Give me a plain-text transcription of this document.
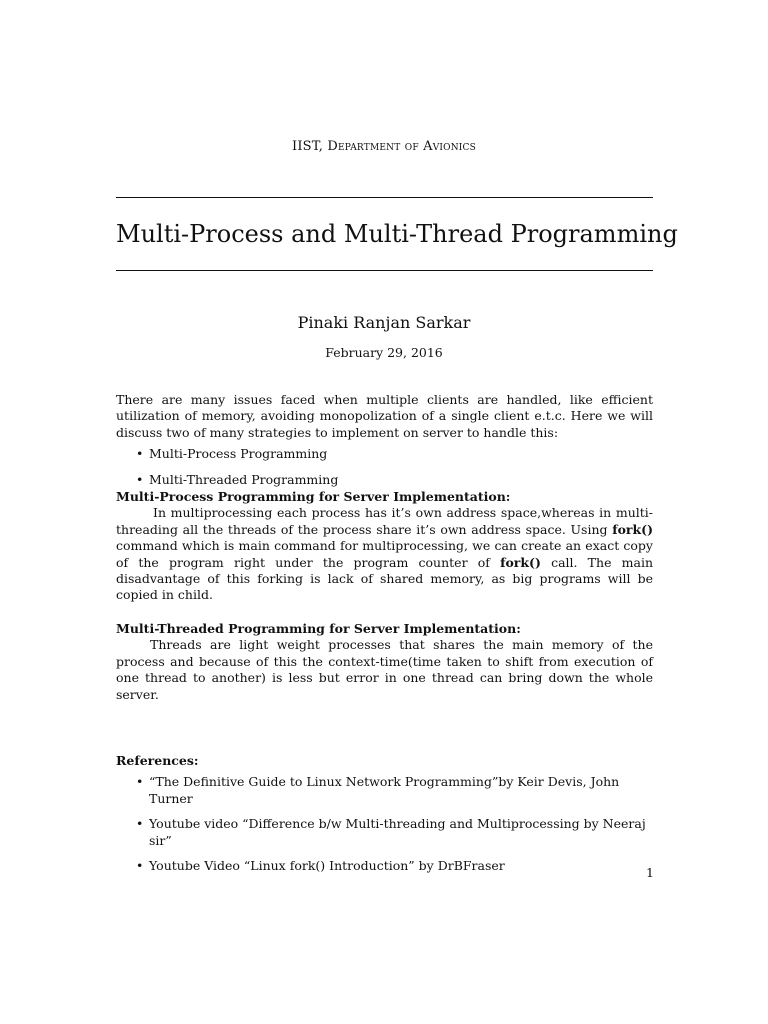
IIST, Department of Avionics
Multi-Process and Multi-Thread Programming
Pinaki Ranjan Sarkar
February 29, 2016

There are many issues faced when multiple clients are handled, like efficient utilization of memory, avoiding monopolization of a single client e.t.c. Here we will discuss two of many strategies to implement on server to handle this:

• Multi-Process Programming
• Multi-Threaded Programming

Multi-Process Programming for Server Implementation:

In multiprocessing each process has it’s own address space,whereas in multi-threading all the threads of the process share it’s own address space. Using fork() command which is main command for multiprocessing, we can create an exact copy of the program right under the program counter of fork() call. The main disadvantage of this forking is lack of shared memory, as big programs will be copied in child.

Multi-Threaded Programming for Server Implementation:

Threads are light weight processes that shares the main memory of the process and because of this the context-time(time taken to shift from execution of one thread to another) is less but error in one thread can bring down the whole server.

References:

• “The Definitive Guide to Linux Network Programming”by Keir Devis, John Turner
• Youtube video “Difference b/w Multi-threading and Multiprocessing by Neeraj sir”
• Youtube Video “Linux fork() Introduction” by DrBFraser	1
